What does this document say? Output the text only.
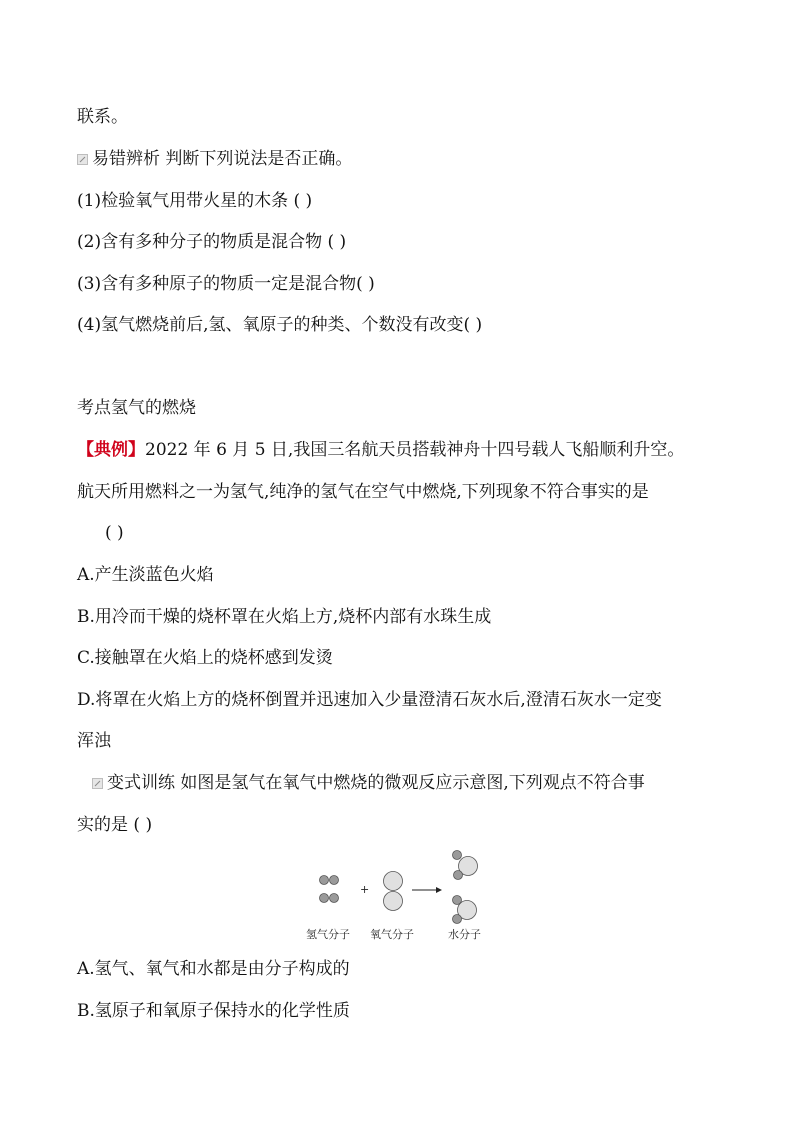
联系。
易错辨析 判断下列说法是否正确。
(1)检验氧气用带火星的木条 ( )
(2)含有多种分子的物质是混合物 ( )
(3)含有多种原子的物质一定是混合物( )
(4)氢气燃烧前后,氢、氧原子的种类、个数没有改变( )
考点氢气的燃烧
【典例】2022 年 6 月 5 日,我国三名航天员搭载神舟十四号载人飞船顺利升空。
航天所用燃料之一为氢气,纯净的氢气在空气中燃烧,下列现象不符合事实的是
( )
A.产生淡蓝色火焰
B.用冷而干燥的烧杯罩在火焰上方,烧杯内部有水珠生成
C.接触罩在火焰上的烧杯感到发烫
D.将罩在火焰上方的烧杯倒置并迅速加入少量澄清石灰水后,澄清石灰水一定变
浑浊
变式训练 如图是氢气在氧气中燃烧的微观反应示意图,下列观点不符合事
实的是 ( )
+
氢气分子 氧气分子	水分子
A.氢气、氧气和水都是由分子构成的
B.氢原子和氧原子保持水的化学性质
